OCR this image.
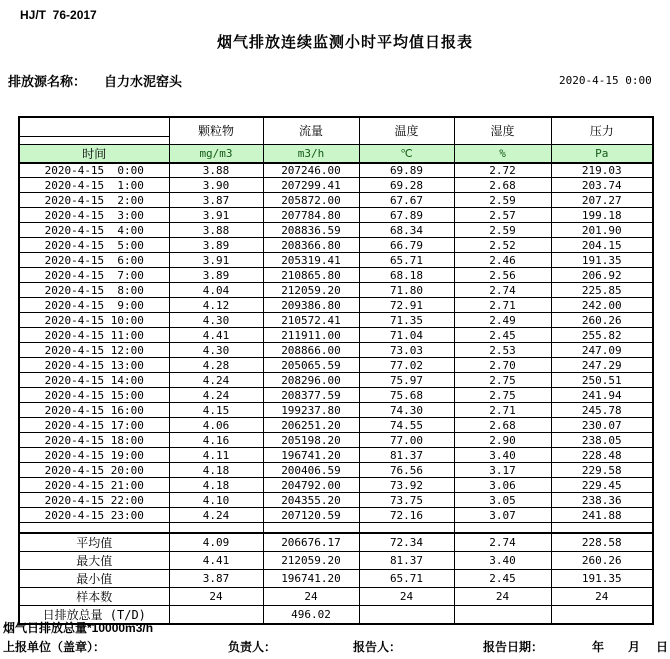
HJ/T  76-2017
烟气排放连续监测小时平均值日报表
排放源名称： 自力水泥窑头	2020-4-15 0:00
	颗粒物	流量	温度	湿度	压力
时间	mg/m3	m3/h	℃	%	Pa
2020-4-15  0:00	3.88	207246.00	69.89	2.72	219.03
2020-4-15  1:00	3.90	207299.41	69.28	2.68	203.74
2020-4-15  2:00	3.87	205872.00	67.67	2.59	207.27
2020-4-15  3:00	3.91	207784.80	67.89	2.57	199.18
2020-4-15  4:00	3.88	208836.59	68.34	2.59	201.90
2020-4-15  5:00	3.89	208366.80	66.79	2.52	204.15
2020-4-15  6:00	3.91	205319.41	65.71	2.46	191.35
2020-4-15  7:00	3.89	210865.80	68.18	2.56	206.92
2020-4-15  8:00	4.04	212059.20	71.80	2.74	225.85
2020-4-15  9:00	4.12	209386.80	72.91	2.71	242.00
2020-4-15 10:00	4.30	210572.41	71.35	2.49	260.26
2020-4-15 11:00	4.41	211911.00	71.04	2.45	255.82
2020-4-15 12:00	4.30	208866.00	73.03	2.53	247.09
2020-4-15 13:00	4.28	205065.59	77.02	2.70	247.29
2020-4-15 14:00	4.24	208296.00	75.97	2.75	250.51
2020-4-15 15:00	4.24	208377.59	75.68	2.75	241.94
2020-4-15 16:00	4.15	199237.80	74.30	2.71	245.78
2020-4-15 17:00	4.06	206251.20	74.55	2.68	230.07
2020-4-15 18:00	4.16	205198.20	77.00	2.90	238.05
2020-4-15 19:00	4.11	196741.20	81.37	3.40	228.48
2020-4-15 20:00	4.18	200406.59	76.56	3.17	229.58
2020-4-15 21:00	4.18	204792.00	73.92	3.06	229.45
2020-4-15 22:00	4.10	204355.20	73.75	3.05	238.36
2020-4-15 23:00	4.24	207120.59	72.16	3.07	241.88

平均值	4.09	206676.17	72.34	2.74	228.58
最大值	4.41	212059.20	81.37	3.40	260.26
最小值	3.87	196741.20	65.71	2.45	191.35
样本数	24	24	24	24	24
日排放总量 (T/D)		496.02			
烟气日排放总量*10000m3/h
上报单位（盖章）：	负责人：	报告人：	报告日期：	年 月 日
